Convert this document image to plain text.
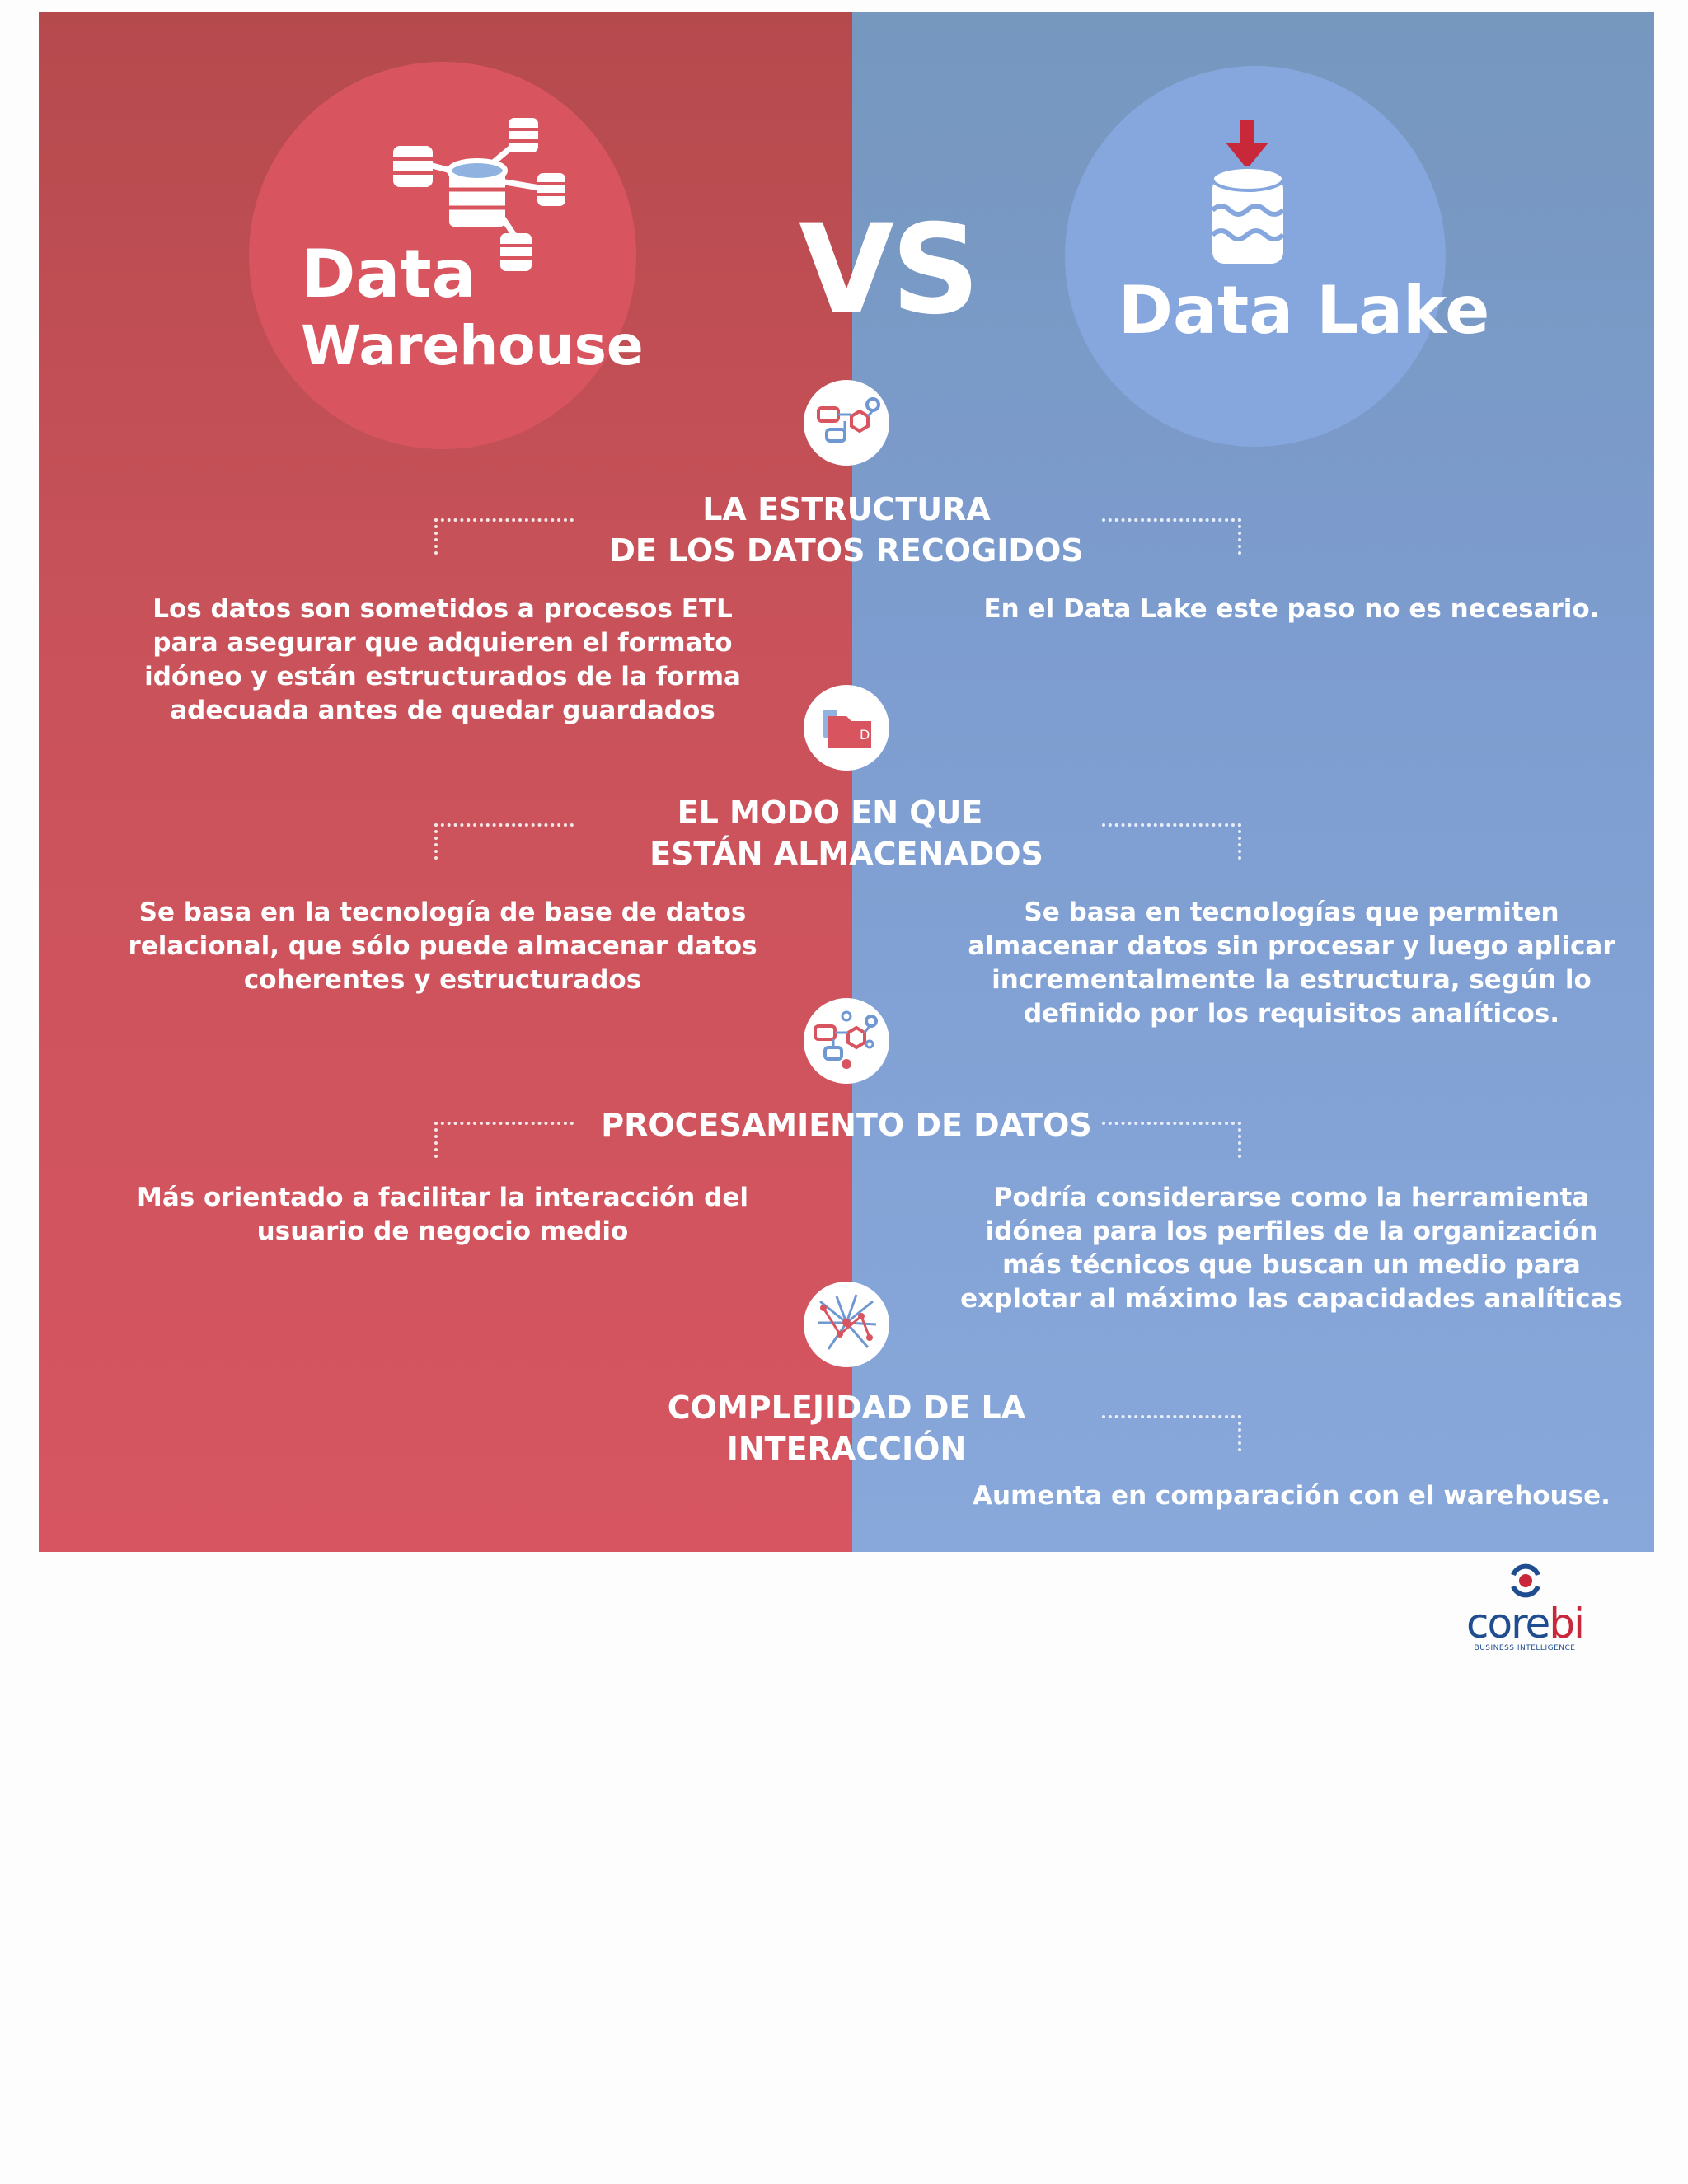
Data
Warehouse
VS	Data Lake
LA ESTRUCTURA
DE LOS DATOS RECOGIDOS
Los datos son sometidos a procesos ETL
para asegurar que adquieren el formato
idóneo y están estructurados de la forma
adecuada antes de quedar guardados
En el Data Lake este paso no es necesario.
D
EL MODO EN QUE
ESTÁN ALMACENADOS
Se basa en la tecnología de base de datos
relacional, que sólo puede almacenar datos
coherentes y estructurados
Se basa en tecnologías que permiten
almacenar datos sin procesar y luego aplicar
incrementalmente la estructura, según lo
definido por los requisitos analíticos.
PROCESAMIENTO DE DATOS
Más orientado a facilitar la interacción del
usuario de negocio medio
Podría considerarse como la herramienta
idónea para los perfiles de la organización
más técnicos que buscan un medio para
explotar al máximo las capacidades analíticas
COMPLEJIDAD DE LA
INTERACCIÓN
Aumenta en comparación con el warehouse.
corebi
BUSINESS INTELLIGENCE
